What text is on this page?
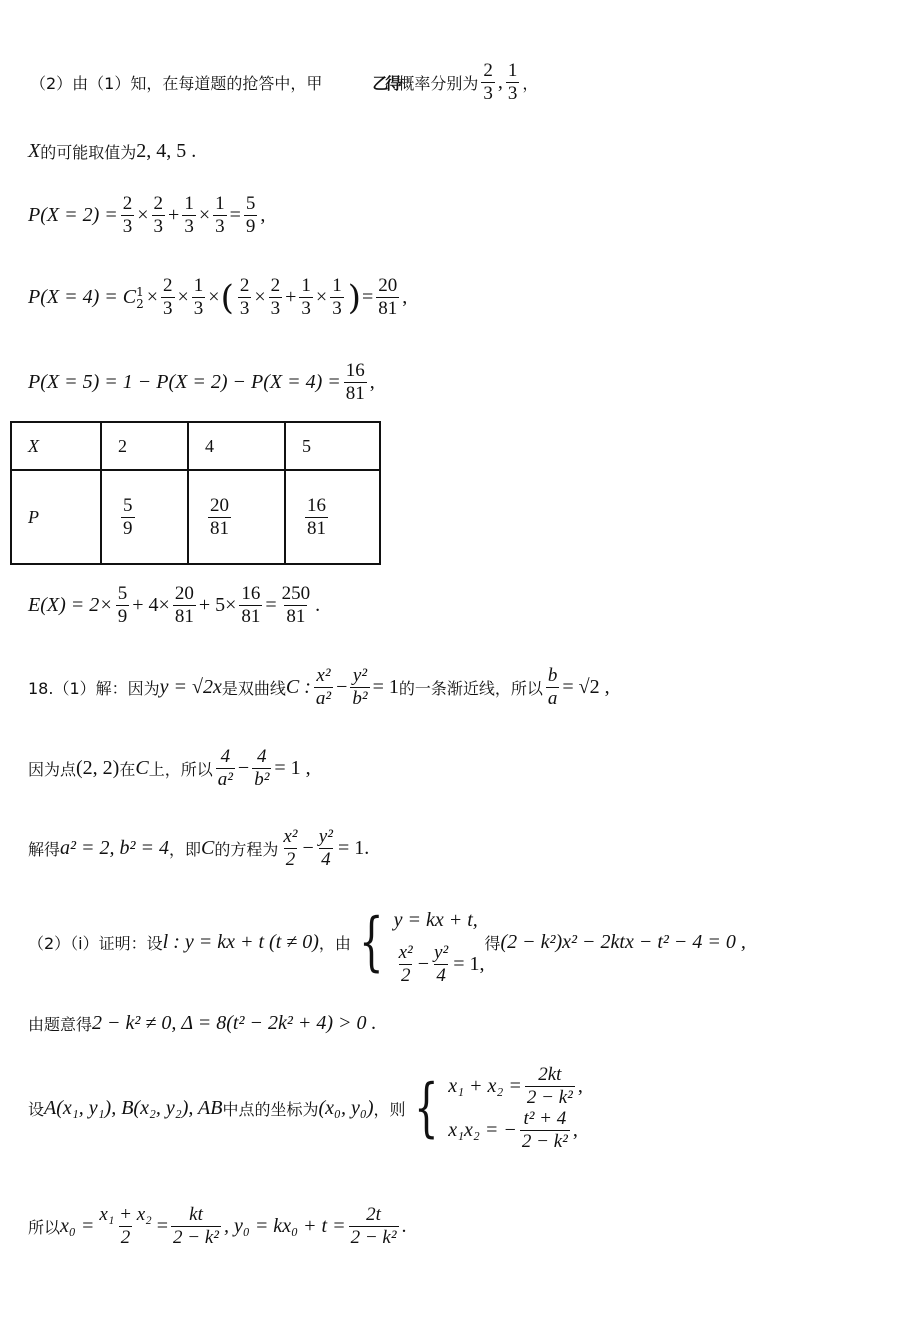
（2）由（1）知，在每道题的抢答中，甲	乙得 概率分别为 $\frac{2}{3}$ , $\frac{1}{3}$ ，
X 的可能取值为 2, 4, 5 .
$P(X = 2) = \frac{2}{3} \times \frac{2}{3} + \frac{1}{3} \times \frac{1}{3} = \frac{5}{9}$ ,
P(X = 4) = C 1
$2 \times \frac{2}{3} \times \frac{1}{3}$ × ( $\frac{2}{3} \times \frac{2}{3} + \frac{1}{3} \times \frac{1}{3}$ ) = $\frac{20}{81}$ ,
$P(X = 5) = 1 - P(X = 2) - P(X = 4) = \frac{16}{81}$ ,
X	2	4	5
P	$\frac{5}{9}$	$\frac{20}{81}$	$\frac{16}{81}$
$E(X) = 2\times \frac{5}{9} + 4\times \frac{20}{81} + 5\times \frac{16}{81} = \frac{250}{81}$ .
18.（1）解：因为 y = √2x 是双曲线 C : $\frac{\text{x²}}{\text{a²}} - \frac{\text{y²}}{\text{b²}} = 1$ 的一条渐近线，所以 $\frac{b}{a} = √2$ ,
因为点 (2, 2) 在 C 上，所以 $\frac{4}{\text{a²}} - \frac{4}{\text{b²}} = 1$ ,
解得 a² = 2, b² = 4 ，即 C 的方程为 $\frac{\text{x²}}{2} - \frac{\text{y²}}{4} = 1$.
（2）（i）证明：设 l : y = kx + t (t ≠ 0) ，由 { y = kx + t,
$\frac{\text{x²}}{2} - \frac{\text{y²}}{4} = 1$,
得 (2 − k²)x² − 2ktx − t² − 4 = 0 ,
由题意得 2 − k² ≠ 0, Δ = 8(t² − 2k² + 4) > 0 .
设 A(x₁, y₁), B(x₂, y₂), AB 中点的坐标为 (x₀, y₀) ，则 { $x_1 + x_2 = \frac{2kt}{\text{2 − k²}}$ ,
x₁x₂ = − $\frac{\text{t² + 4}}{\text{2 − k²}}$ ,
所以 $x_0 = \frac{\text{x₁ + x₂}}{2} = \frac{kt}{\text{2 − k²}}$ , $y_0 = kx_0 + t = \frac{2t}{\text{2 − k²}}$ .
